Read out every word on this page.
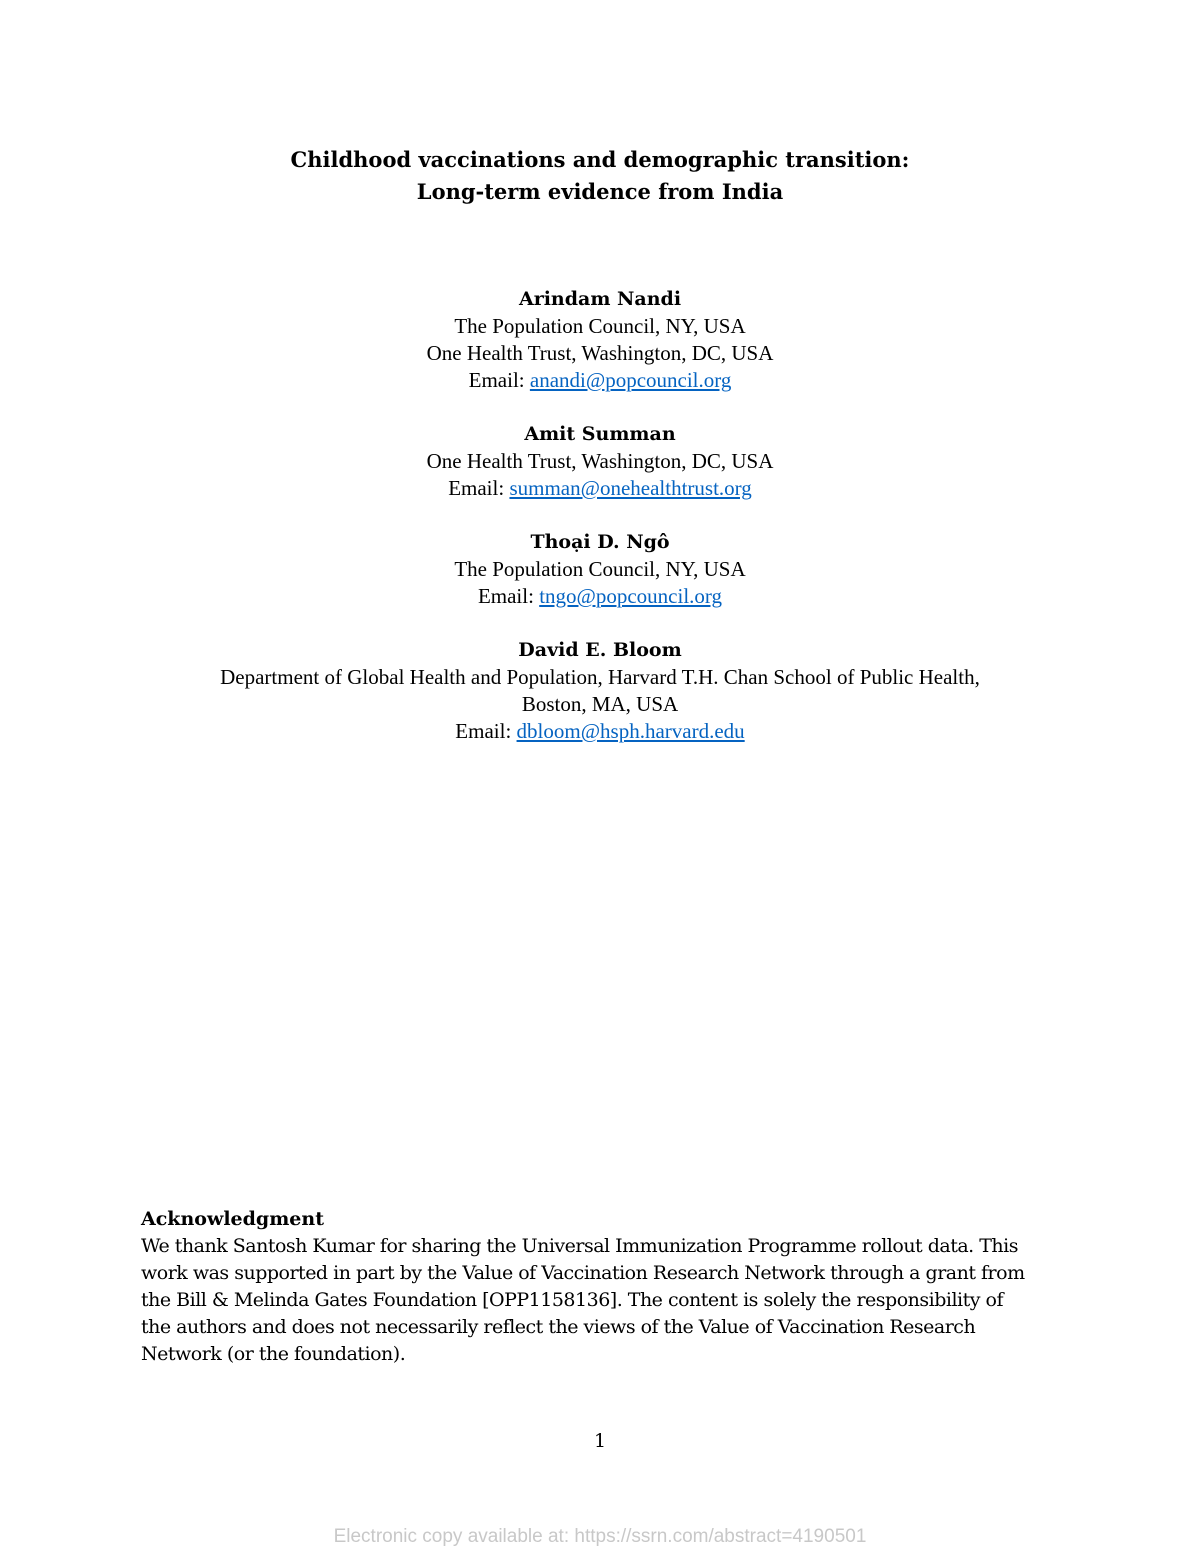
Childhood vaccinations and demographic transition:
Long-term evidence from India
Arindam Nandi
The Population Council, NY, USA
One Health Trust, Washington, DC, USA
Email: anandi@popcouncil.org
Amit Summan
One Health Trust, Washington, DC, USA
Email: summan@onehealthtrust.org
Thoại D. Ngô
The Population Council, NY, USA
Email: tngo@popcouncil.org
David E. Bloom
Department of Global Health and Population, Harvard T.H. Chan School of Public Health,
Boston, MA, USA
Email: dbloom@hsph.harvard.edu
Acknowledgment
We thank Santosh Kumar for sharing the Universal Immunization Programme rollout data. This
work was supported in part by the Value of Vaccination Research Network through a grant from
the Bill & Melinda Gates Foundation [OPP1158136]. The content is solely the responsibility of
the authors and does not necessarily reflect the views of the Value of Vaccination Research
Network (or the foundation).
1
Electronic copy available at: https://ssrn.com/abstract=4190501
